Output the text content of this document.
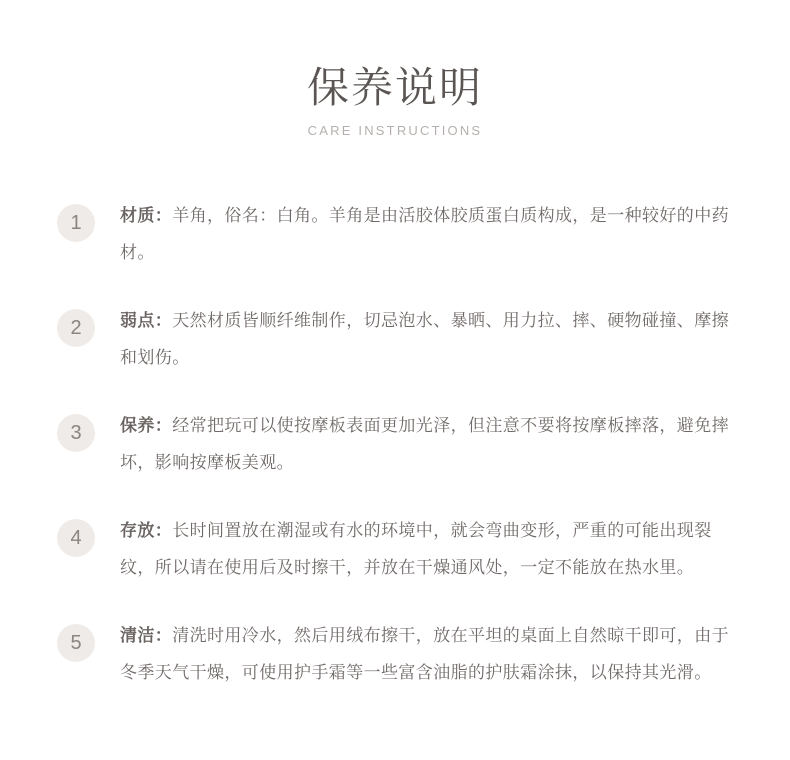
保养说明
CARE INSTRUCTIONS
1	材质：羊角，俗名：白角。羊角是由活胶体胶质蛋白质构成，是一种较好的中药材。
2	弱点：天然材质皆顺纤维制作，切忌泡水、暴晒、用力拉、摔、硬物碰撞、摩擦和划伤。
3	保养：经常把玩可以使按摩板表面更加光泽，但注意不要将按摩板摔落，避免摔坏，影响按摩板美观。
4	存放：长时间置放在潮湿或有水的环境中，就会弯曲变形，严重的可能出现裂纹，所以请在使用后及时擦干，并放在干燥通风处，一定不能放在热水里。
5	清洁：清洗时用冷水，然后用绒布擦干，放在平坦的桌面上自然晾干即可，由于冬季天气干燥，可使用护手霜等一些富含油脂的护肤霜涂抹，以保持其光滑。
